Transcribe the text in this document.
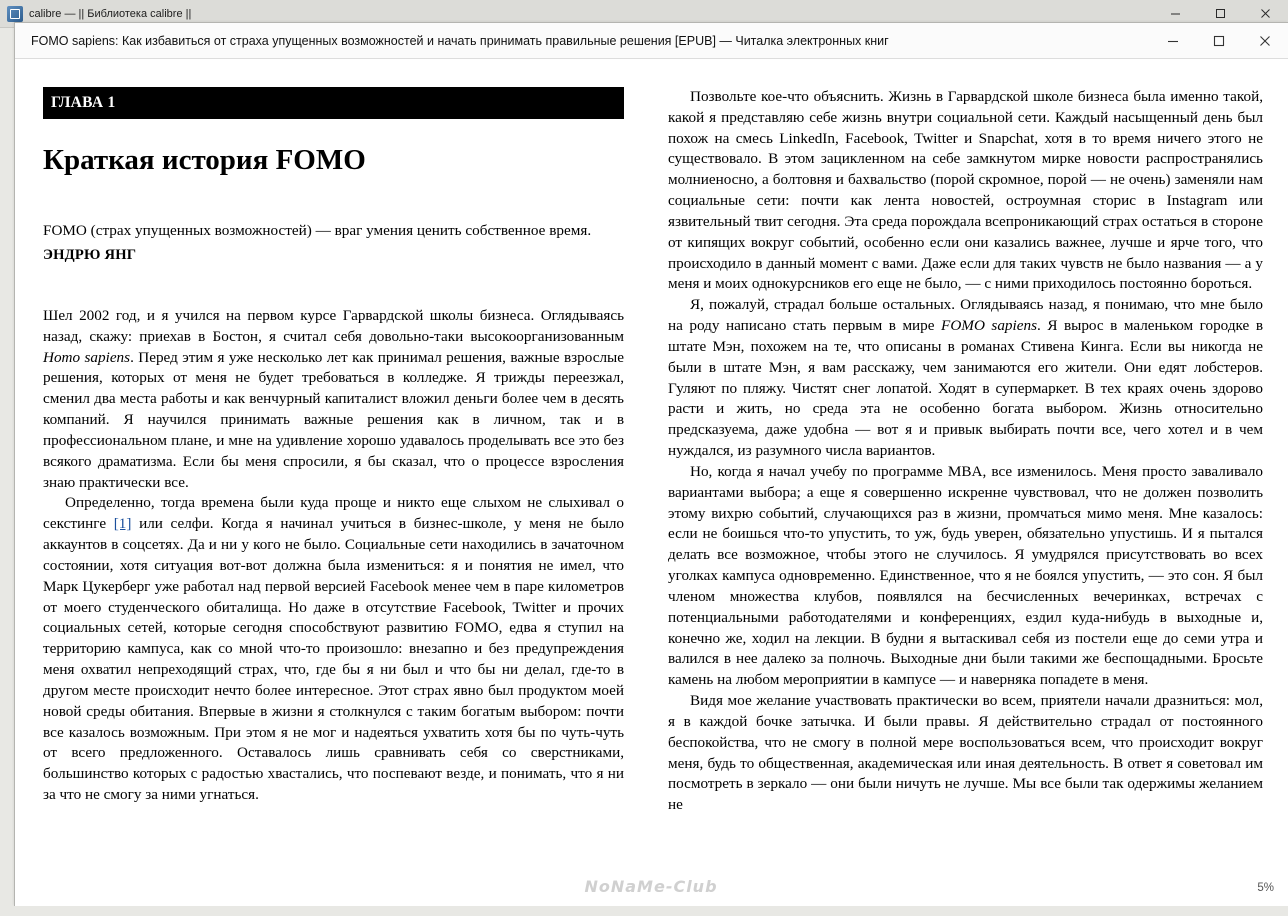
calibre — || Библиотека calibre ||
FOMO sapiens: Как избавиться от страха упущенных возможностей и начать принимать правильные решения [EPUB] — Читалка электронных книг
ГЛАВА 1
Краткая история FOMO

FOMO (страх упущенных возможностей) — враг умения ценить собственное время.

ЭНДРЮ ЯНГ

Шел 2002 год, и я учился на первом курсе Гарвардской школы бизнеса. Оглядываясь назад, скажу: приехав в Бостон, я считал себя довольно-таки высокоорганизованным Homo sapiens. Перед этим я уже несколько лет как принимал решения, важные взрослые решения, которых от меня не будет требоваться в колледже. Я трижды переезжал, сменил два места работы и как венчурный капиталист вложил деньги более чем в десять компаний. Я научился принимать важные решения как в личном, так и в профессиональном плане, и мне на удивление хорошо удавалось проделывать все это без всякого драматизма. Если бы меня спросили, я бы сказал, что о процессе взросления знаю практически все.

Определенно, тогда времена были куда проще и никто еще слыхом не слыхивал о секстинге [1] или селфи. Когда я начинал учиться в бизнес-школе, у меня не было аккаунтов в соцсетях. Да и ни у кого не было. Социальные сети находились в зачаточном состоянии, хотя ситуация вот-вот должна была измениться: я и понятия не имел, что Марк Цукерберг уже работал над первой версией Facebook менее чем в паре километров от моего студенческого обиталища. Но даже в отсутствие Facebook, Twitter и прочих социальных сетей, которые сегодня способствуют развитию FOMO, едва я ступил на территорию кампуса, как со мной что-то произошло: внезапно и без предупреждения меня охватил непреходящий страх, что, где бы я ни был и что бы ни делал, где-то в другом месте происходит нечто более интересное. Этот страх явно был продуктом моей новой среды обитания. Впервые в жизни я столкнулся с таким богатым выбором: почти все казалось возможным. При этом я не мог и надеяться ухватить хотя бы по чуть-чуть от всего предложенного. Оставалось лишь сравнивать себя со сверстниками, большинство которых с радостью хвастались, что поспевают везде, и понимать, что я ни за что не смогу за ними угнаться.

Позвольте кое-что объяснить. Жизнь в Гарвардской школе бизнеса была именно такой, какой я представляю себе жизнь внутри социальной сети. Каждый насыщенный день был похож на смесь LinkedIn, Facebook, Twitter и Snapchat, хотя в то время ничего этого не существовало. В этом зацикленном на себе замкнутом мирке новости распространялись молниеносно, а болтовня и бахвальство (порой скромное, порой — не очень) заменяли нам социальные сети: почти как лента новостей, остроумная сторис в Instagram или язвительный твит сегодня. Эта среда порождала всепроникающий страх остаться в стороне от кипящих вокруг событий, особенно если они казались важнее, лучше и ярче того, что происходило в данный момент с вами. Даже если для таких чувств не было названия — а у меня и моих однокурсников его еще не было, — с ними приходилось постоянно бороться.

Я, пожалуй, страдал больше остальных. Оглядываясь назад, я понимаю, что мне было на роду написано стать первым в мире FOMO sapiens. Я вырос в маленьком городке в штате Мэн, похожем на те, что описаны в романах Стивена Кинга. Если вы никогда не были в штате Мэн, я вам расскажу, чем занимаются его жители. Они едят лобстеров. Гуляют по пляжу. Чистят снег лопатой. Ходят в супермаркет. В тех краях очень здорово расти и жить, но среда эта не особенно богата выбором. Жизнь относительно предсказуема, даже удобна — вот я и привык выбирать почти все, чего хотел и в чем нуждался, из разумного числа вариантов.

Но, когда я начал учебу по программе MBA, все изменилось. Меня просто заваливало вариантами выбора; а еще я совершенно искренне чувствовал, что не должен позволить этому вихрю событий, случающихся раз в жизни, промчаться мимо меня. Мне казалось: если не боишься что-то упустить, то уж, будь уверен, обязательно упустишь. И я пытался делать все возможное, чтобы этого не случилось. Я умудрялся присутствовать во всех уголках кампуса одновременно. Единственное, что я не боялся упустить, — это сон. Я был членом множества клубов, появлялся на бесчисленных вечеринках, встречах с потенциальными работодателями и конференциях, ездил куда-нибудь в выходные и, конечно же, ходил на лекции. В будни я вытаскивал себя из постели еще до семи утра и валился в нее далеко за полночь. Выходные дни были такими же беспощадными. Бросьте камень на любом мероприятии в кампусе — и наверняка попадете в меня.

Видя мое желание участвовать практически во всем, приятели начали дразниться: мол, я в каждой бочке затычка. И были правы. Я действительно страдал от постоянного беспокойства, что не смогу в полной мере воспользоваться всем, что происходит вокруг меня, будь то общественная, академическая или иная деятельность. В ответ я советовал им посмотреть в зеркало — они были ничуть не лучше. Мы все были так одержимы желанием не

NoNaMe-Club	5%
